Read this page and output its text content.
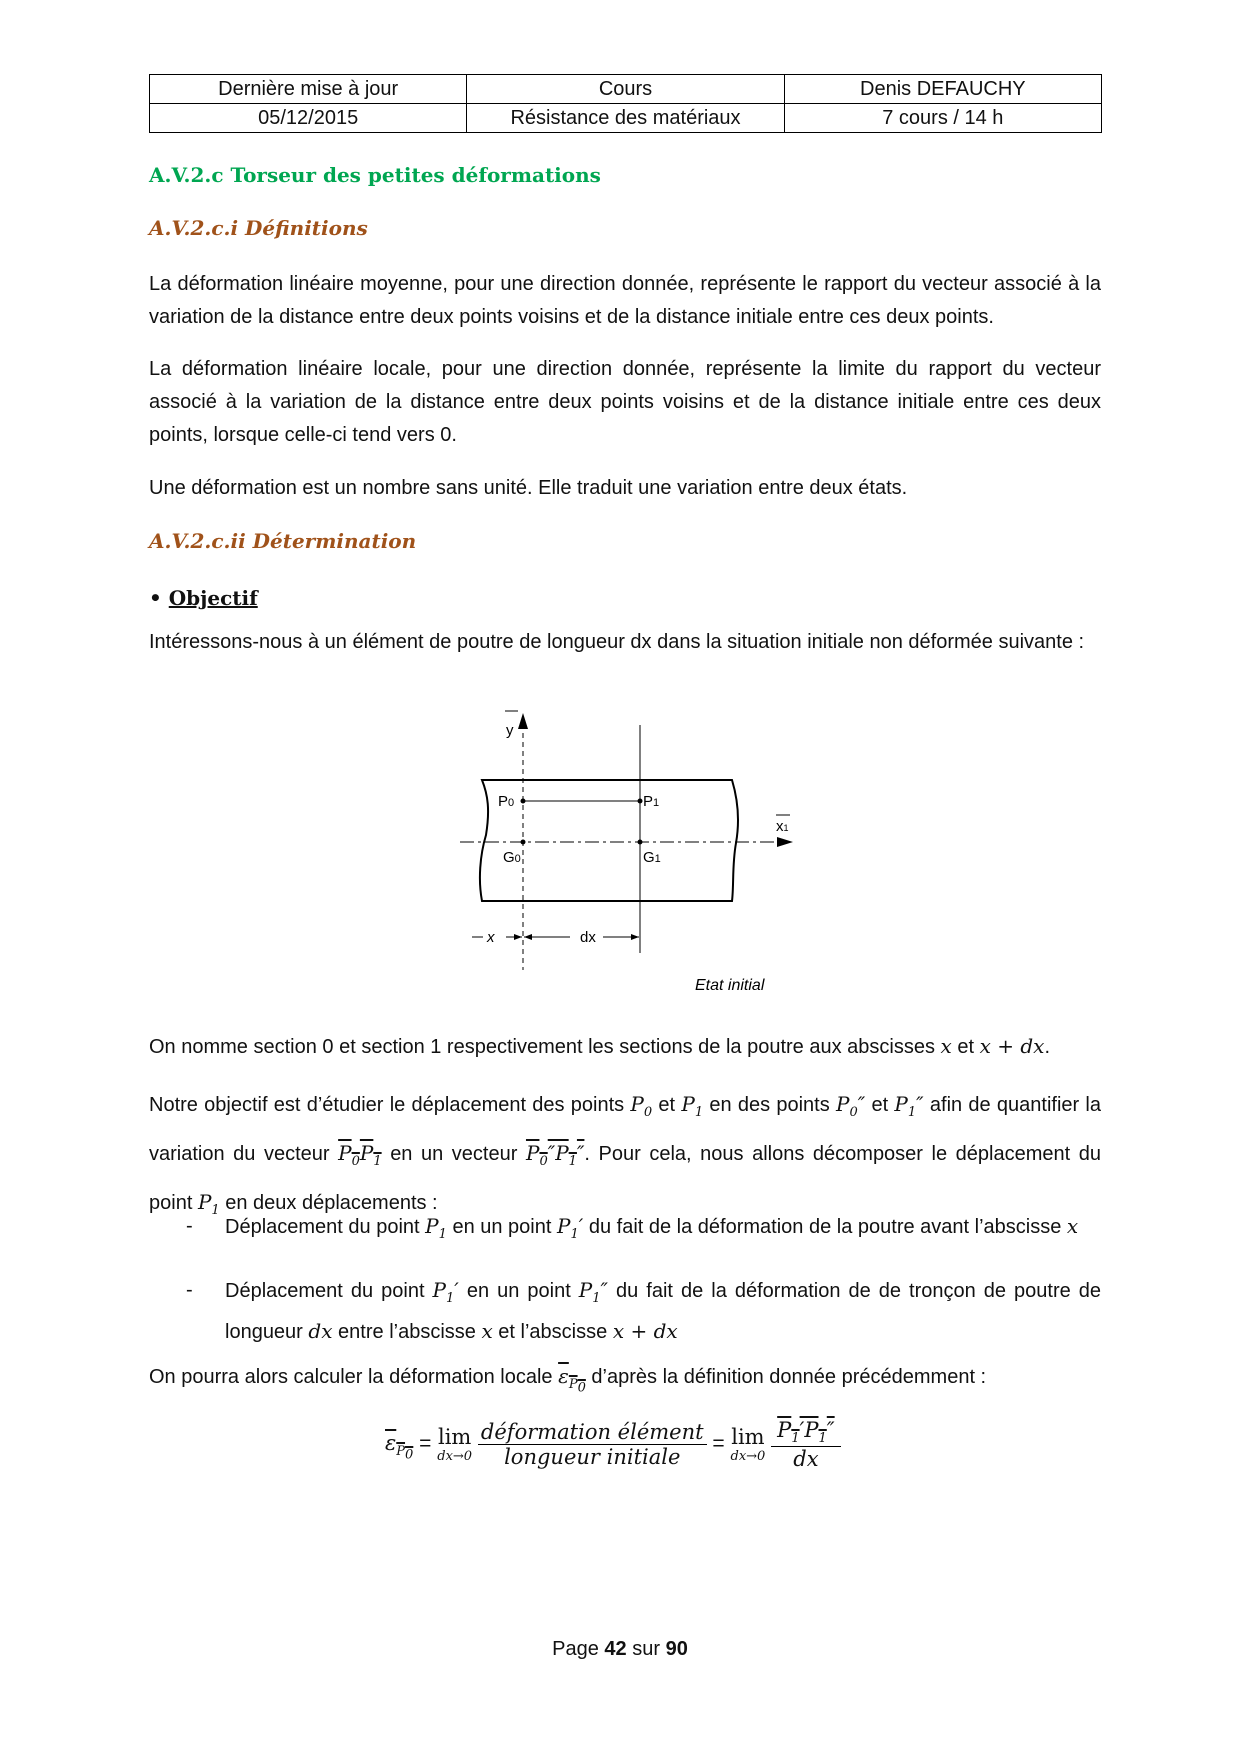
Dernière mise à jour	Cours	Denis DEFAUCHY
05/12/2015	Résistance des matériaux	7 cours / 14 h
A.V.2.c Torseur des petites déformations
A.V.2.c.i Définitions
La déformation linéaire moyenne, pour une direction donnée, représente le rapport du vecteur associé à la variation de la distance entre deux points voisins et de la distance initiale entre ces deux points.
La déformation linéaire locale, pour une direction donnée, représente la limite du rapport du vecteur associé à la variation de la distance entre deux points voisins et de la distance initiale entre ces deux points, lorsque celle-ci tend vers 0.
Une déformation est un nombre sans unité. Elle traduit une variation entre deux états.
A.V.2.c.ii Détermination
• Objectif
Intéressons-nous à un élément de poutre de longueur dx dans la situation initiale non déformée suivante :
y
x1
P0	P1
G0	G1
x	dx
Etat initial
On nomme section 0 et section 1 respectivement les sections de la poutre aux abscisses x et x + dx.
Notre objectif est d’étudier le déplacement des points $P_0$ et $P_1$ en des points $P_0''$ et $P_1''$ afin de quantifier la variation du vecteur $P_0P_1$ en un vecteur $P_0''P_1''$. Pour cela, nous allons décomposer le déplacement du point $P_1$ en deux déplacements :
- Déplacement du point $P_1$ en un point $P_1'$ du fait de la déformation de la poutre avant l’abscisse x
- Déplacement du point $P_1'$ en un point $P_1''$ du fait de la déformation de de tronçon de poutre de longueur dx entre l’abscisse x et l’abscisse x + dx
On pourra alors calculer la déformation locale $\varepsilon_{P_0}$ d’après la définition donnée précédemment :
$\varepsilon_{P_0} = \lim$
dx→0
$\frac{\text{déformation élément}}{\text{longueur initiale}} = \lim$
dx→0
$\frac{P_1'P_1''}{dx}$
Page 42 sur 90
